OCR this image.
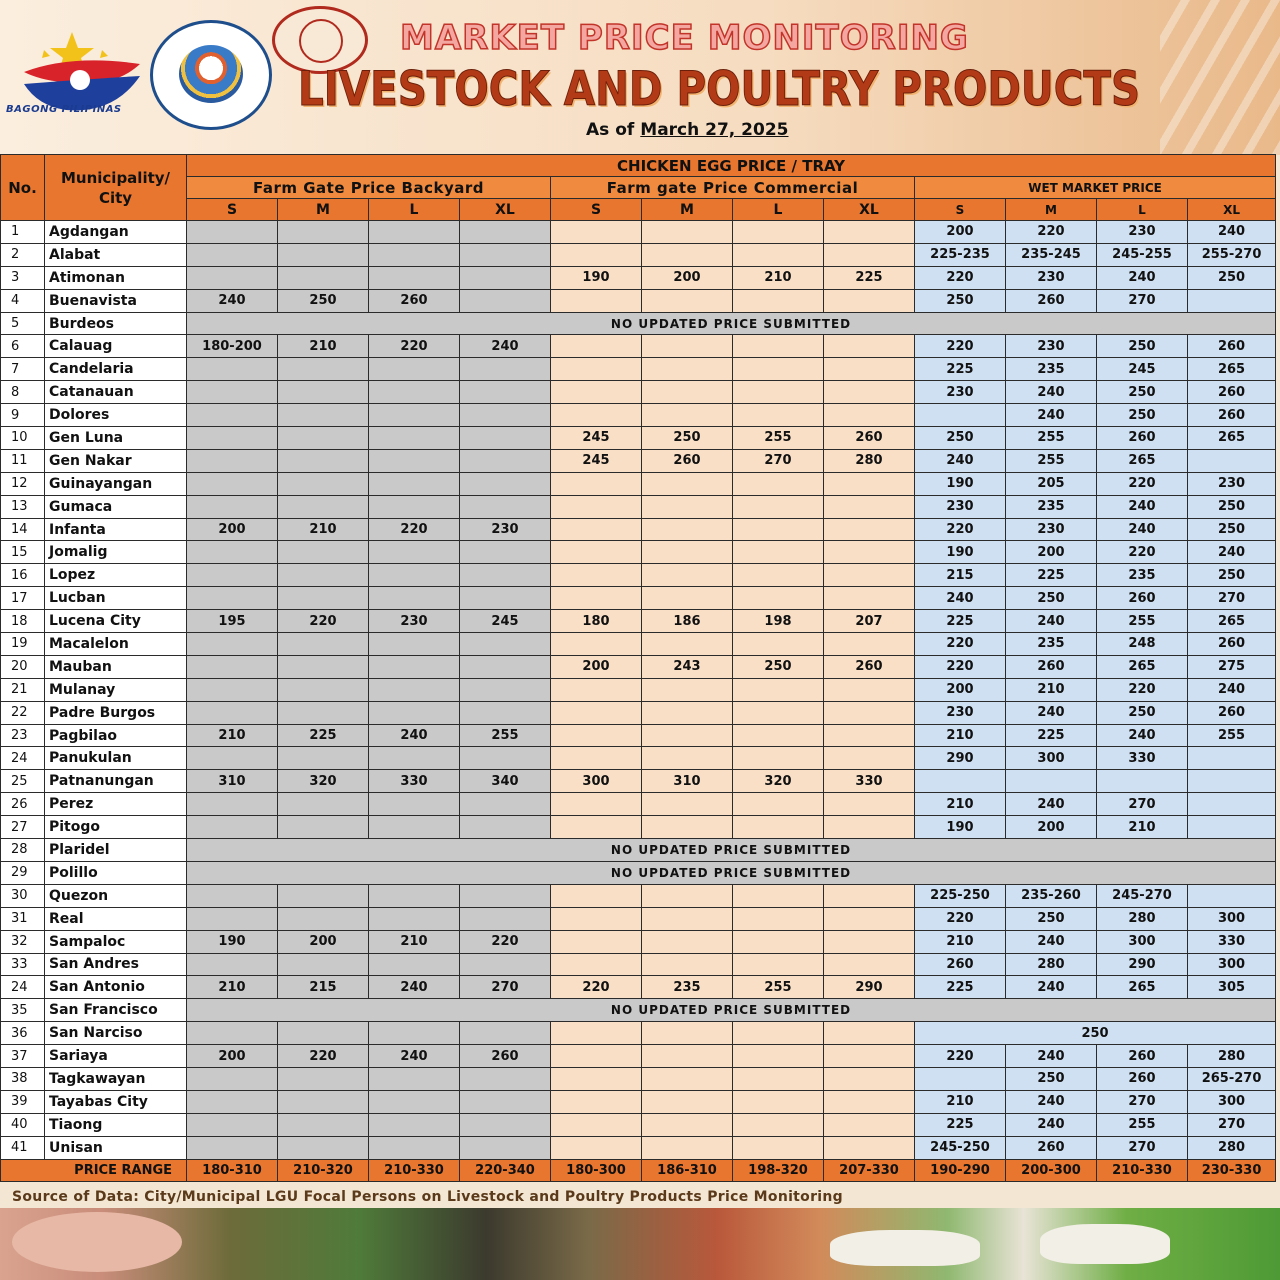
BAGONG PILIPINAS
MARKET PRICE MONITORING
LIVESTOCK AND POULTRY PRODUCTS
As of March 27, 2025
No.	Municipality/ City	CHICKEN EGG PRICE / TRAY											
		Farm Gate Price Backyard				Farm gate Price Commercial				WET MARKET PRICE			
		S	M	L	XL	S	M	L	XL	S	M	L	XL
1	Agdangan									200	220	230	240
2	Alabat									225-235	235-245	245-255	255-270
3	Atimonan					190	200	210	225	220	230	240	250
4	Buenavista	240	250	260						250	260	270	
5	Burdeos	NO UPDATED PRICE SUBMITTED											
6	Calauag	180-200	210	220	240					220	230	250	260
7	Candelaria									225	235	245	265
8	Catanauan									230	240	250	260
9	Dolores										240	250	260
10	Gen Luna					245	250	255	260	250	255	260	265
11	Gen Nakar					245	260	270	280	240	255	265	
12	Guinayangan									190	205	220	230
13	Gumaca									230	235	240	250
14	Infanta	200	210	220	230					220	230	240	250
15	Jomalig									190	200	220	240
16	Lopez									215	225	235	250
17	Lucban									240	250	260	270
18	Lucena City	195	220	230	245	180	186	198	207	225	240	255	265
19	Macalelon									220	235	248	260
20	Mauban					200	243	250	260	220	260	265	275
21	Mulanay									200	210	220	240
22	Padre Burgos									230	240	250	260
23	Pagbilao	210	225	240	255					210	225	240	255
24	Panukulan									290	300	330	
25	Patnanungan	310	320	330	340	300	310	320	330				
26	Perez									210	240	270	
27	Pitogo									190	200	210	
28	Plaridel	NO UPDATED PRICE SUBMITTED											
29	Polillo	NO UPDATED PRICE SUBMITTED											
30	Quezon									225-250	235-260	245-270	
31	Real									220	250	280	300
32	Sampaloc	190	200	210	220					210	240	300	330
33	San Andres									260	280	290	300
24	San Antonio	210	215	240	270	220	235	255	290	225	240	265	305
35	San Francisco	NO UPDATED PRICE SUBMITTED											
36	San Narciso									250			
37	Sariaya	200	220	240	260					220	240	260	280
38	Tagkawayan										250	260	265-270
39	Tayabas City									210	240	270	300
40	Tiaong									225	240	255	270
41	Unisan									245-250	260	270	280
PRICE RANGE		180-310	210-320	210-330	220-340	180-300	186-310	198-320	207-330	190-290	200-300	210-330	230-330
Source of Data: City/Municipal LGU Focal Persons on Livestock and Poultry Products Price Monitoring
